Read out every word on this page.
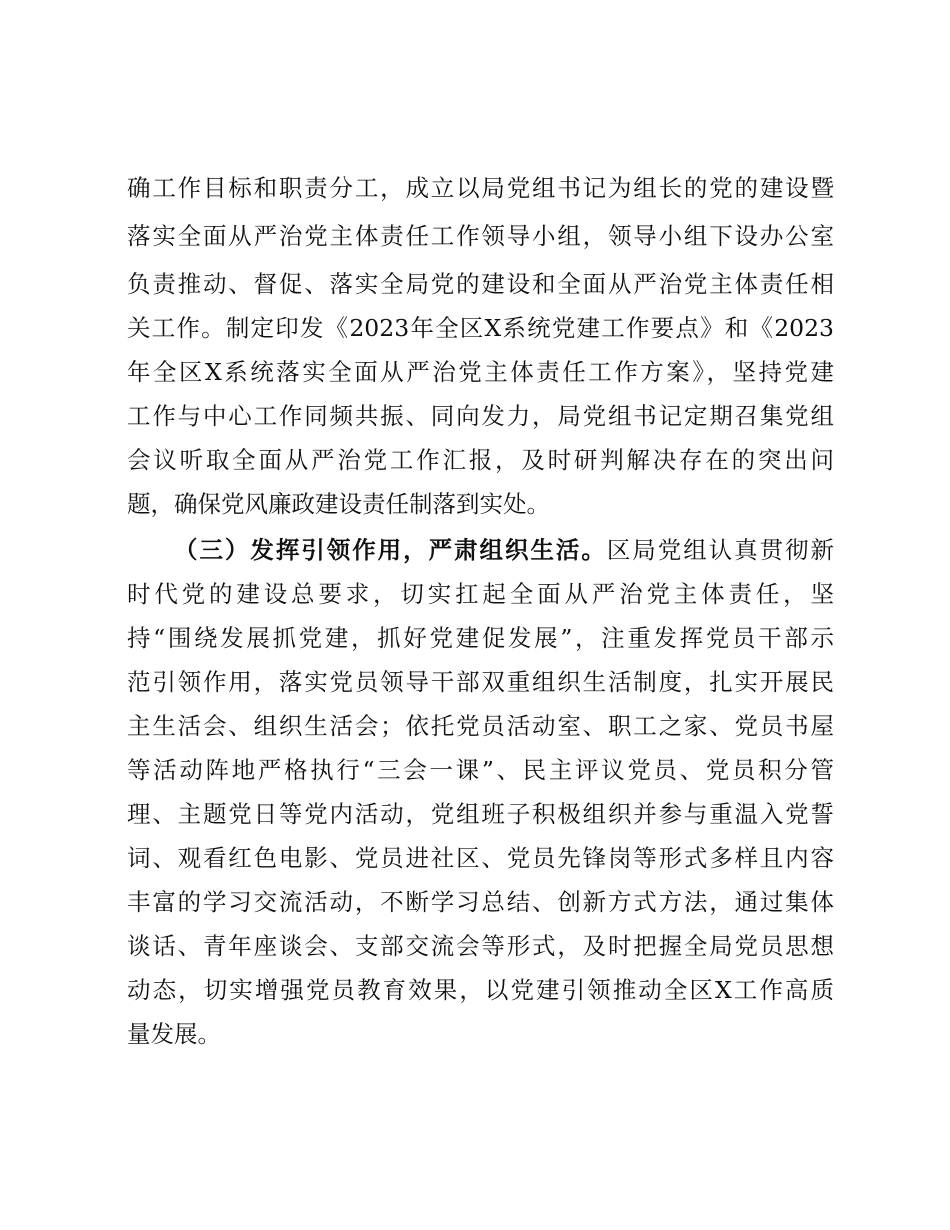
确工作目标和职责分工，成立以局党组书记为组长的党的建设暨
落实全面从严治党主体责任工作领导小组，领导小组下设办公室
负责推动、督促、落实全局党的建设和全面从严治党主体责任相
关工作。制定印发《2023年全区X系统党建工作要点》和《2023
年全区X系统落实全面从严治党主体责任工作方案》，坚持党建
工作与中心工作同频共振、同向发力，局党组书记定期召集党组
会议听取全面从严治党工作汇报，及时研判解决存在的突出问
题，确保党风廉政建设责任制落到实处。
（三）发挥引领作用，严肃组织生活。区局党组认真贯彻新
时代党的建设总要求，切实扛起全面从严治党主体责任，坚
持“围绕发展抓党建，抓好党建促发展”，注重发挥党员干部示
范引领作用，落实党员领导干部双重组织生活制度，扎实开展民
主生活会、组织生活会；依托党员活动室、职工之家、党员书屋
等活动阵地严格执行“三会一课”、民主评议党员、党员积分管
理、主题党日等党内活动，党组班子积极组织并参与重温入党誓
词、观看红色电影、党员进社区、党员先锋岗等形式多样且内容
丰富的学习交流活动，不断学习总结、创新方式方法，通过集体
谈话、青年座谈会、支部交流会等形式，及时把握全局党员思想
动态，切实增强党员教育效果，以党建引领推动全区X工作高质
量发展。
